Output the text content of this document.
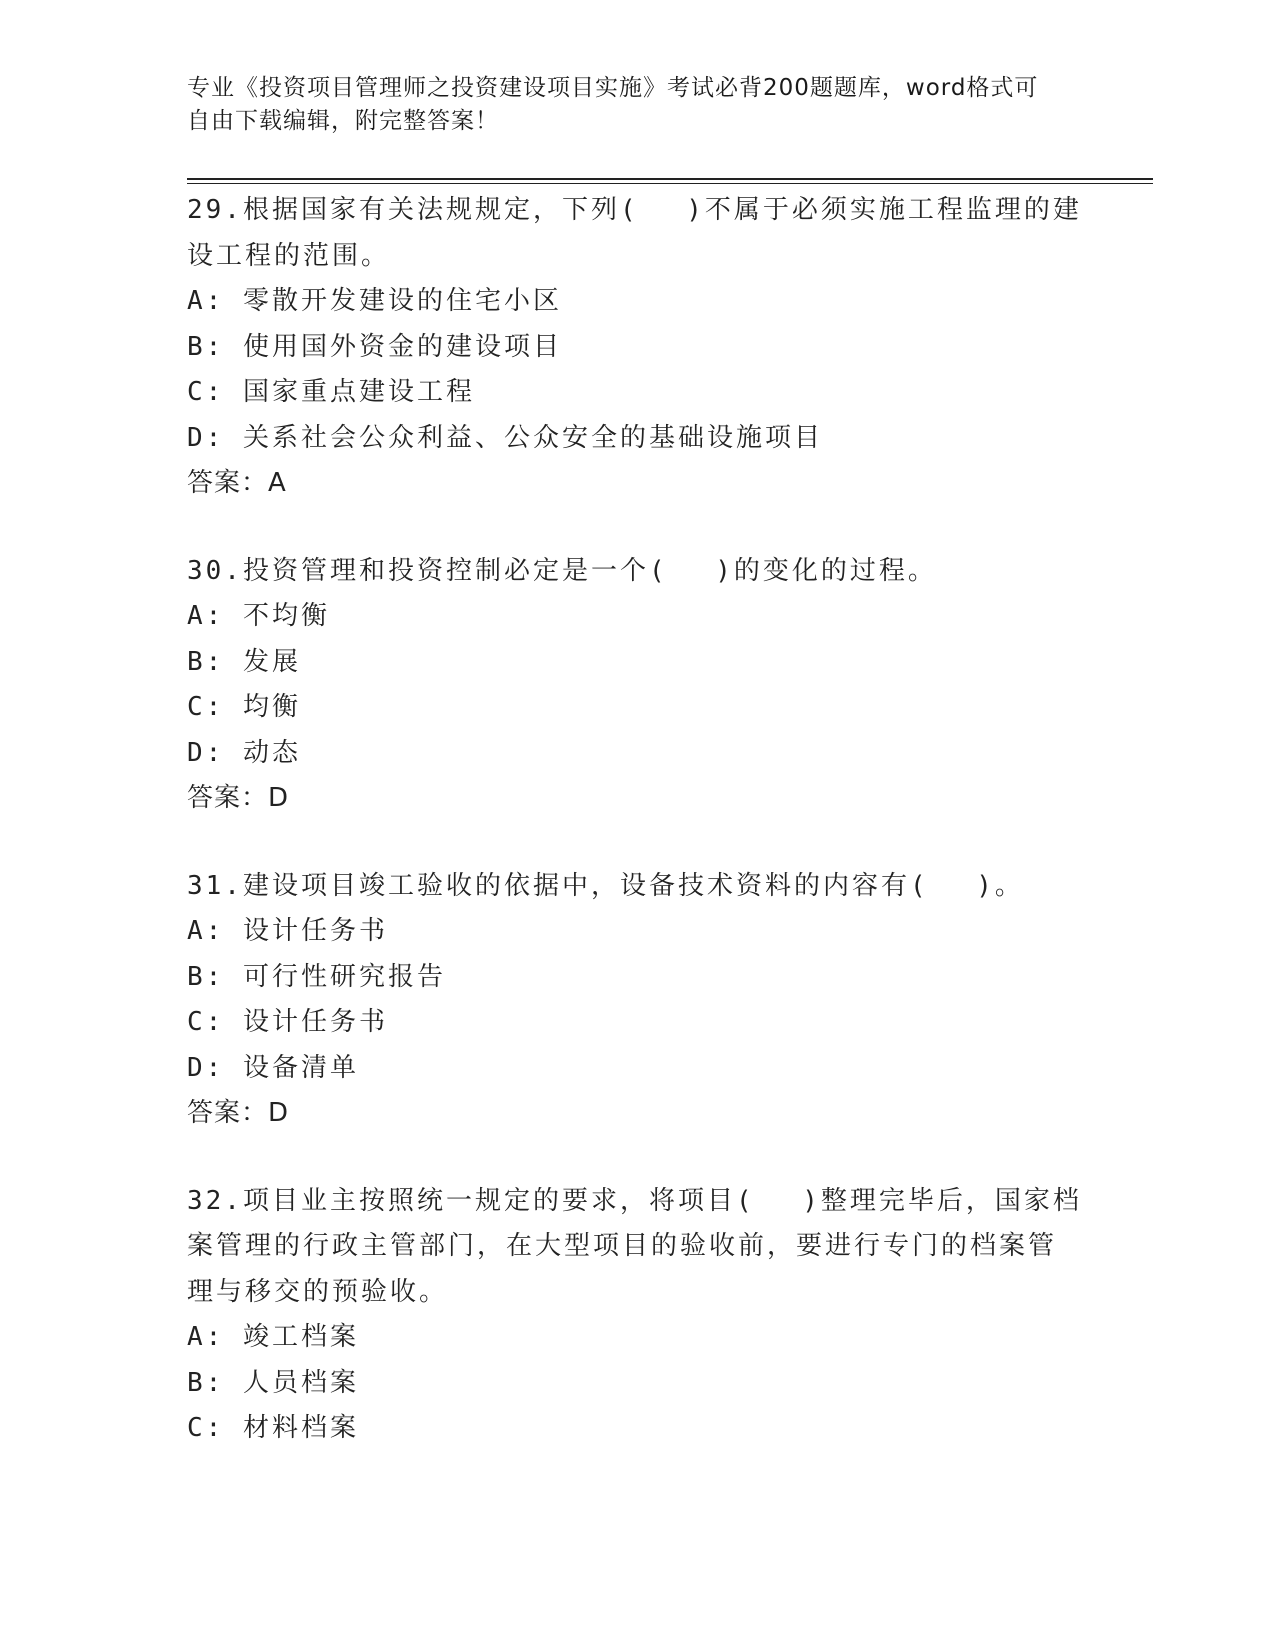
专业《投资项目管理师之投资建设项目实施》考试必背200题题库，word格式可
自由下载编辑，附完整答案！
29.根据国家有关法规规定，下列(　 )不属于必须实施工程监理的建
设工程的范围。
A: 零散开发建设的住宅小区
B: 使用国外资金的建设项目
C: 国家重点建设工程
D: 关系社会公众利益、公众安全的基础设施项目
答案：A
30.投资管理和投资控制必定是一个(　 )的变化的过程。
A: 不均衡
B: 发展
C: 均衡
D: 动态
答案：D
31.建设项目竣工验收的依据中，设备技术资料的内容有(　 )。
A: 设计任务书
B: 可行性研究报告
C: 设计任务书
D: 设备清单
答案：D
32.项目业主按照统一规定的要求，将项目(　 )整理完毕后，国家档
案管理的行政主管部门，在大型项目的验收前，要进行专门的档案管
理与移交的预验收。
A: 竣工档案
B: 人员档案
C: 材料档案
